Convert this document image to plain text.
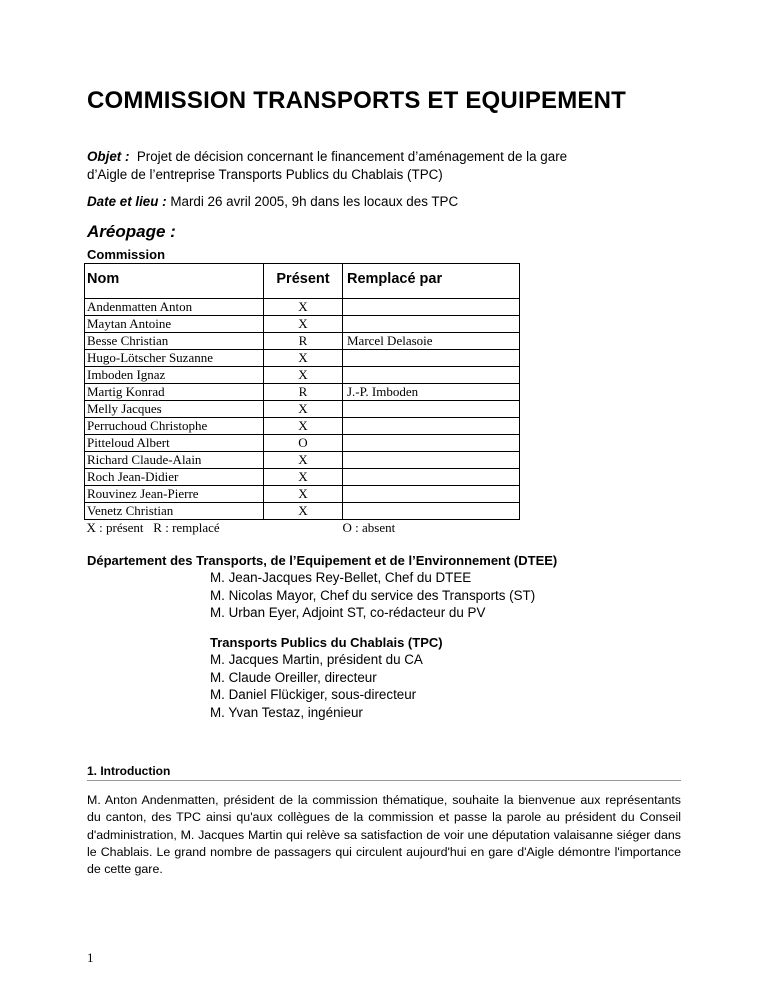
COMMISSION TRANSPORTS ET EQUIPEMENT
Objet :  Projet de décision concernant le financement d’aménagement de la gare
d’Aigle de l’entreprise Transports Publics du Chablais (TPC)
Date et lieu : Mardi 26 avril 2005, 9h dans les locaux des TPC
Aréopage :
Commission
Nom	Présent	Remplacé par

Andenmatten Anton	X	
Maytan Antoine	X	
Besse Christian	R	Marcel Delasoie
Hugo-Lötscher Suzanne	X	
Imboden Ignaz	X	
Martig Konrad	R	J.-P. Imboden
Melly Jacques	X	
Perruchoud Christophe	X	
Pitteloud Albert	O	
Richard Claude-Alain	X	
Roch Jean-Didier	X	
Rouvinez Jean-Pierre	X	
Venetz Christian	X	
X : présent   R : remplacé		O : absent
Département des Transports, de l’Equipement et de l’Environnement (DTEE)
M. Jean-Jacques Rey-Bellet, Chef du DTEE
M. Nicolas Mayor, Chef du service des Transports (ST)
M. Urban Eyer, Adjoint ST, co-rédacteur du PV
Transports Publics du Chablais (TPC)
M. Jacques Martin, président du CA
M. Claude Oreiller, directeur
M. Daniel Flückiger, sous-directeur
M. Yvan Testaz, ingénieur
1. Introduction
M. Anton Andenmatten, président de la commission thématique, souhaite la bienvenue aux représentants du canton, des TPC ainsi qu'aux collègues de la commission et passe la parole au président du Conseil d'administration, M. Jacques Martin qui relève sa satisfaction de voir une députation valaisanne siéger dans le Chablais. Le grand nombre de passagers qui circulent aujourd'hui en gare d'Aigle démontre l'importance de cette gare.
1
